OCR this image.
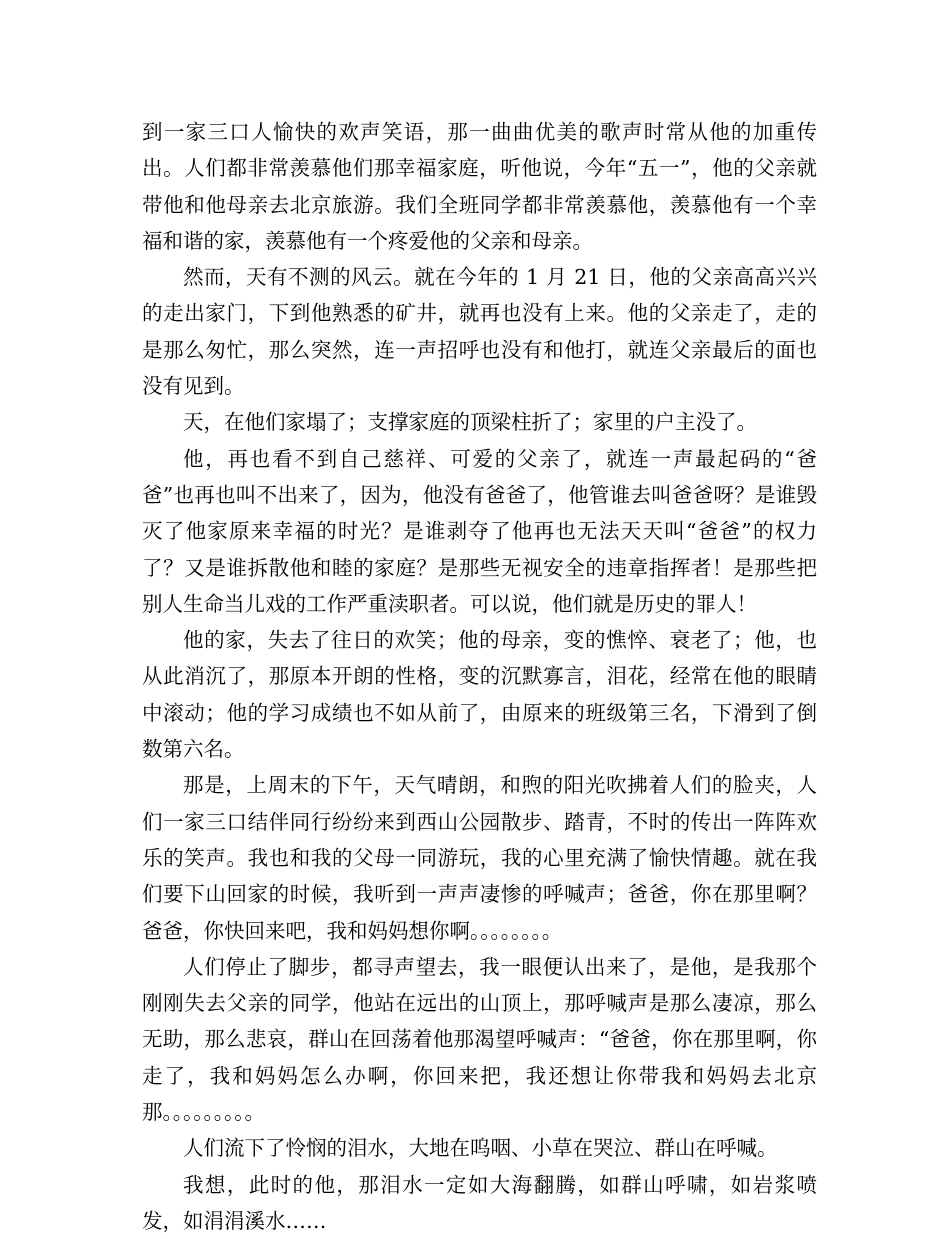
到一家三口人愉快的欢声笑语，那一曲曲优美的歌声时常从他的加重传出。人们都非常羡慕他们那幸福家庭，听他说，今年“五一”，他的父亲就带他和他母亲去北京旅游。我们全班同学都非常羡慕他，羡慕他有一个幸福和谐的家，羡慕他有一个疼爱他的父亲和母亲。

然而，天有不测的风云。就在今年的 1 月 21 日，他的父亲高高兴兴的走出家门，下到他熟悉的矿井，就再也没有上来。他的父亲走了，走的是那么匆忙，那么突然，连一声招呼也没有和他打，就连父亲最后的面也没有见到。

天，在他们家塌了；支撑家庭的顶梁柱折了；家里的户主没了。

他，再也看不到自己慈祥、可爱的父亲了，就连一声最起码的“爸爸”也再也叫不出来了，因为，他没有爸爸了，他管谁去叫爸爸呀？是谁毁灭了他家原来幸福的时光？是谁剥夺了他再也无法天天叫“爸爸”的权力了？又是谁拆散他和睦的家庭？是那些无视安全的违章指挥者！是那些把别人生命当儿戏的工作严重渎职者。可以说，他们就是历史的罪人！

他的家，失去了往日的欢笑；他的母亲，变的憔悴、衰老了；他，也从此消沉了，那原本开朗的性格，变的沉默寡言，泪花，经常在他的眼睛中滚动；他的学习成绩也不如从前了，由原来的班级第三名，下滑到了倒数第六名。

那是，上周末的下午，天气晴朗，和煦的阳光吹拂着人们的脸夹，人们一家三口结伴同行纷纷来到西山公园散步、踏青，不时的传出一阵阵欢乐的笑声。我也和我的父母一同游玩，我的心里充满了愉快情趣。就在我们要下山回家的时候，我听到一声声凄惨的呼喊声；爸爸，你在那里啊？爸爸，你快回来吧，我和妈妈想你啊。。。。。。。。

人们停止了脚步，都寻声望去，我一眼便认出来了，是他，是我那个刚刚失去父亲的同学，他站在远出的山顶上，那呼喊声是那么凄凉，那么无助，那么悲哀，群山在回荡着他那渴望呼喊声：“爸爸，你在那里啊，你走了，我和妈妈怎么办啊，你回来把，我还想让你带我和妈妈去北京那。。。。。。。。。

人们流下了怜悯的泪水，大地在呜咽、小草在哭泣、群山在呼喊。

我想，此时的他，那泪水一定如大海翻腾，如群山呼啸，如岩浆喷发，如涓涓溪水……
